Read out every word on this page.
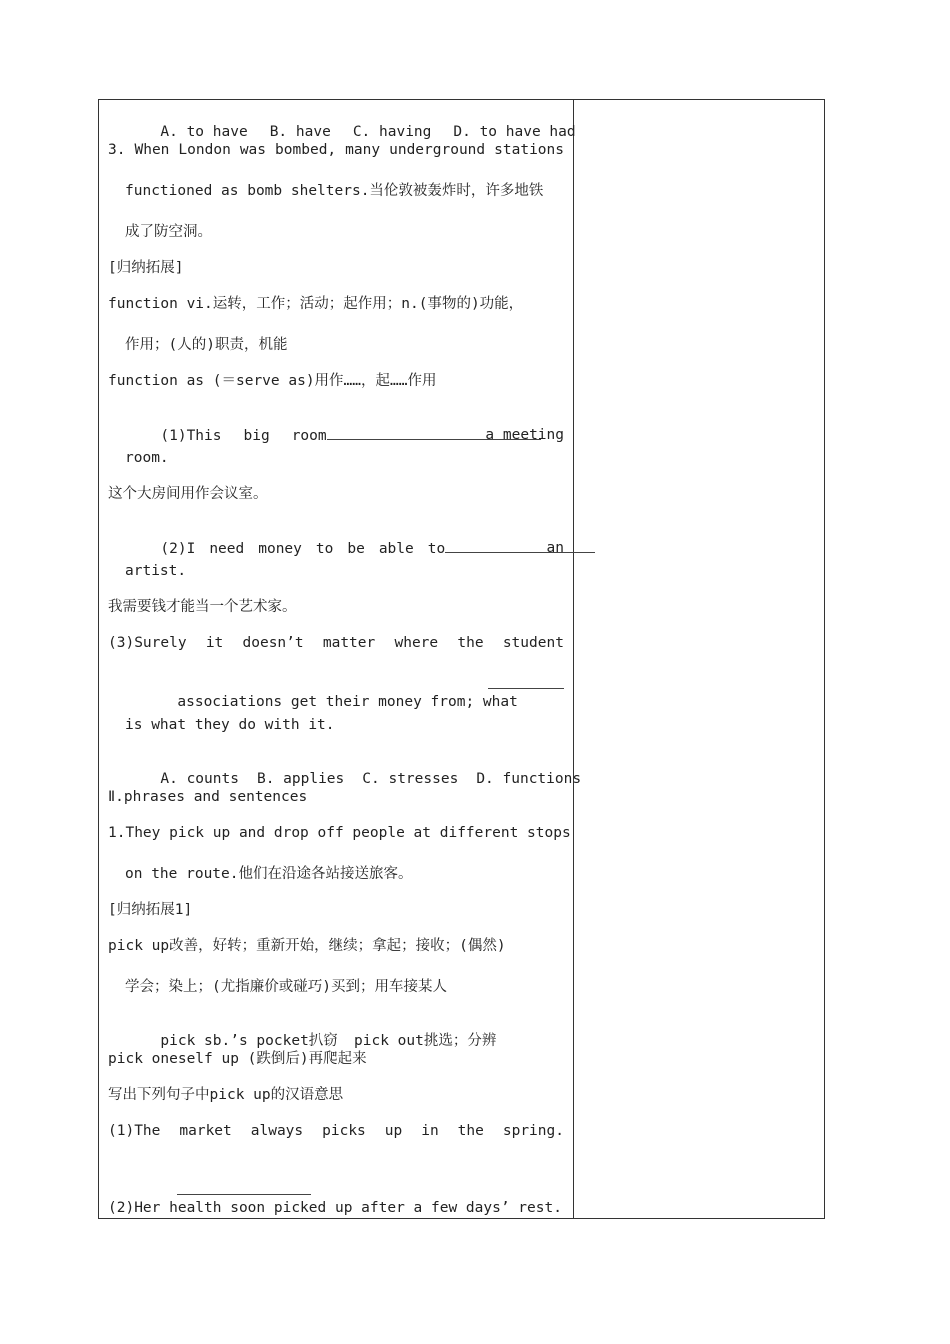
A. to have B. have C. having D. to have had

3. When London was bombed, many underground stations
functioned as bomb shelters.当伦敦被轰炸时，许多地铁
成了防空洞。
[归纳拓展]
function vi.运转，工作；活动；起作用；n.(事物的)功能，
作用；(人的)职责，机能
function as (＝serve as)用作……，起……作用

(1)This big room	a meeting

room.
这个大房间用作会议室。

(2)I need money to be able to	an

artist.
我需要钱才能当一个艺术家。
(3)Surely it doesn’t matter where the student

associations get their money from; what

is what they do with it.

A. counts B. applies C. stresses D. functions

Ⅱ.phrases and sentences
1.They pick up and drop off people at different stops
on the route.他们在沿途各站接送旅客。
[归纳拓展1]
pick up改善，好转；重新开始，继续；拿起；接收；(偶然)
学会；染上；(尤指廉价或碰巧)买到；用车接某人

pick sb.’s pocket扒窃 pick out挑选；分辨

pick oneself up (跌倒后)再爬起来
写出下列句子中pick up的汉语意思
(1)The market always picks up in the spring.

(2)Her health soon picked up after a few days’ rest.
